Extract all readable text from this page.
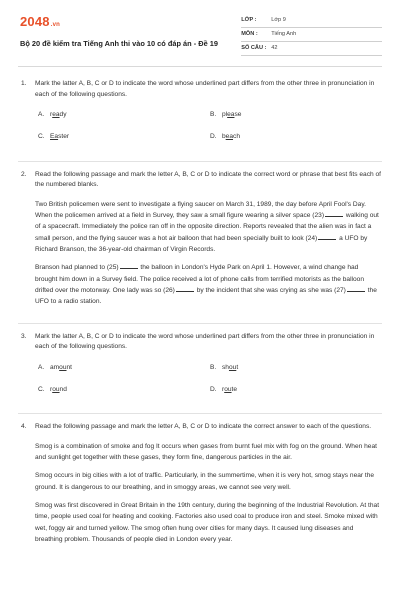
2048 .vn
Bộ 20 đề kiểm tra Tiếng Anh thi vào 10 có đáp án - Đề 19
LỚP :	Lớp 9
MÔN :	Tiếng Anh
SỐ CÂU : 42
1.	Mark the latter A, B, C or D to indicate the word whose underlined part differs from the other three in pronunciation in each of the following questions.
A. ready	B. please
C. Easter	D. beach
2.	Read the following passage and mark the letter A, B, C or D to indicate the correct word or phrase that best fits each of the numbered blanks.

Two British policemen were sent to investigate a flying saucer on March 31, 1989, the day before April Fool's Day. When the policemen arrived at a field in Survey, they saw a small figure wearing a silver space (23)	walking out of a spacecraft. Immediately the police ran off in the opposite direction. Reports revealed that the alien was in fact a small person, and the flying saucer was a hot air balloon that had been specially built to look (24)	a UFO by Richard Branson, the 36-year-old chairman of Virgin Records.

Branson had planned to (25)	the balloon in London's Hyde Park on April 1. However, a wind change had brought him down in a Survey field. The police received a lot of phone calls from terrified motorists as the balloon drifted over the motorway. One lady was so (26)	by the incident that she was crying as she was (27)	the UFO to a radio station.

3.	Mark the latter A, B, C or D to indicate the word whose underlined part differs from the other three in pronunciation in each of the following questions.
A. amount	B. shout
C. round	D. route
4.	Read the following passage and mark the letter A, B, C or D to indicate the correct answer to each of the questions.

Smog is a combination of smoke and fog It occurs when gases from burnt fuel mix with fog on the ground. When heat and sunlight get together with these gases, they form fine, dangerous particles in the air.

Smog occurs in big cities with a lot of traffic. Particularly, in the summertime, when it is very hot, smog stays near the ground. It is dangerous to our breathing, and in smoggy areas, we cannot see very well.

Smog was first discovered in Great Britain in the 19th century, during the beginning of the Industrial Revolution. At that time, people used coal for heating and cooking. Factories also used coal to produce iron and steel. Smoke mixed with wet, foggy air and turned yellow. The smog often hung over cities for many days. It caused lung diseases and breathing problem. Thousands of people died in London every year.
